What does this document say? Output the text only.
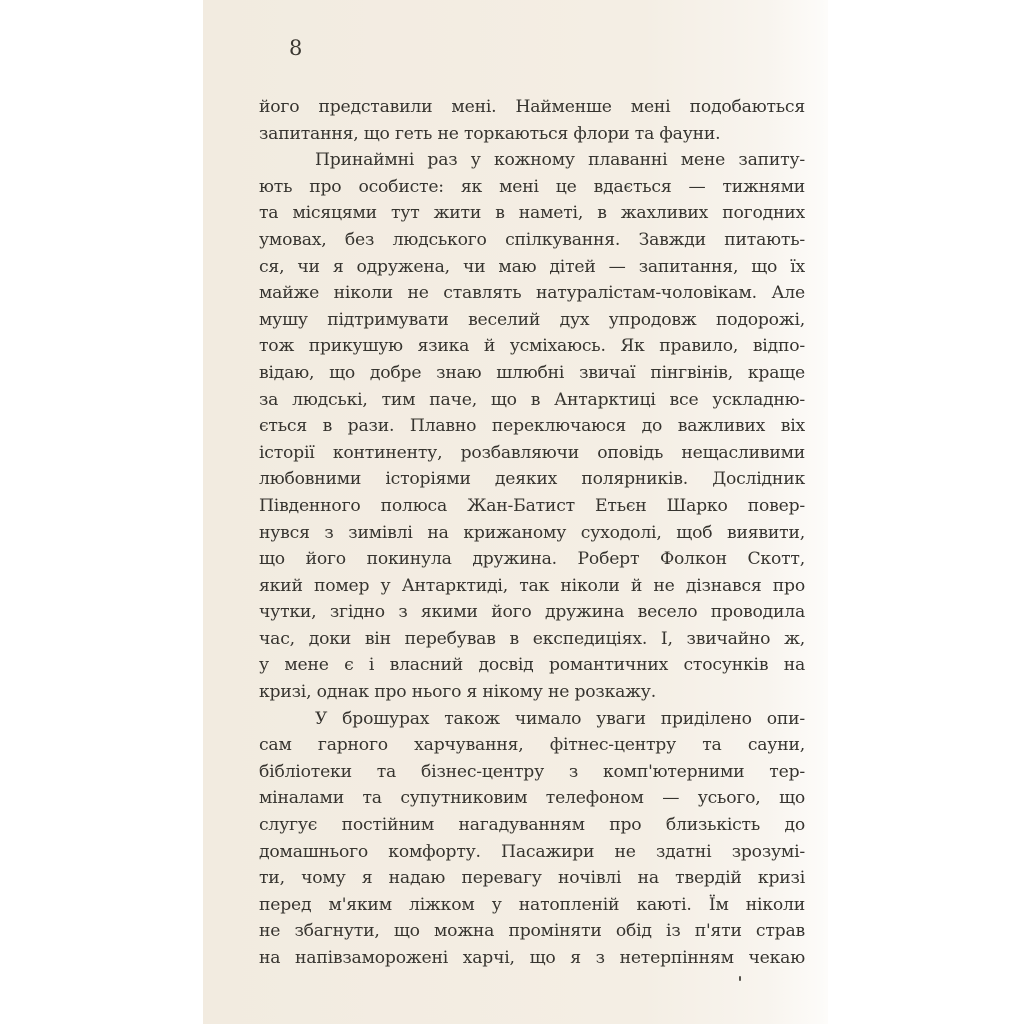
8
його представили мені. Найменше мені подобаються
запитання, що геть не торкаються флори та фауни.
Принаймні раз у кожному плаванні мене запиту-
ють про особисте: як мені це вдається — тижнями
та місяцями тут жити в наметі, в жахливих погодних
умовах, без людського спілкування. Завжди питають-
ся, чи я одружена, чи маю дітей — запитання, що їх
майже ніколи не ставлять натуралістам-чоловікам. Але
мушу підтримувати веселий дух упродовж подорожі,
тож прикушую язика й усміхаюсь. Як правило, відпо-
відаю, що добре знаю шлюбні звичаї пінгвінів, краще
за людські, тим паче, що в Антарктиці все ускладню-
ється в рази. Плавно переключаюся до важливих віх
історії континенту, розбавляючи оповідь нещасливими
любовними історіями деяких полярників. Дослідник
Південного полюса Жан-Батист Етьєн Шарко повер-
нувся з зимівлі на крижаному суходолі, щоб виявити,
що його покинула дружина. Роберт Фолкон Скотт,
який помер у Антарктиді, так ніколи й не дізнався про
чутки, згідно з якими його дружина весело проводила
час, доки він перебував в експедиціях. І, звичайно ж,
у мене є і власний досвід романтичних стосунків на
кризі, однак про нього я нікому не розкажу.
У брошурах також чимало уваги приділено опи-
сам гарного харчування, фітнес-центру та сауни,
бібліотеки та бізнес-центру з комп'ютерними тер-
міналами та супутниковим телефоном — усього, що
слугує постійним нагадуванням про близькість до
домашнього комфорту. Пасажири не здатні зрозумі-
ти, чому я надаю перевагу ночівлі на твердій кризі
перед м'яким ліжком у натопленій каюті. Їм ніколи
не збагнути, що можна проміняти обід із п'яти страв
на напівзаморожені харчі, що я з нетерпінням чекаю
